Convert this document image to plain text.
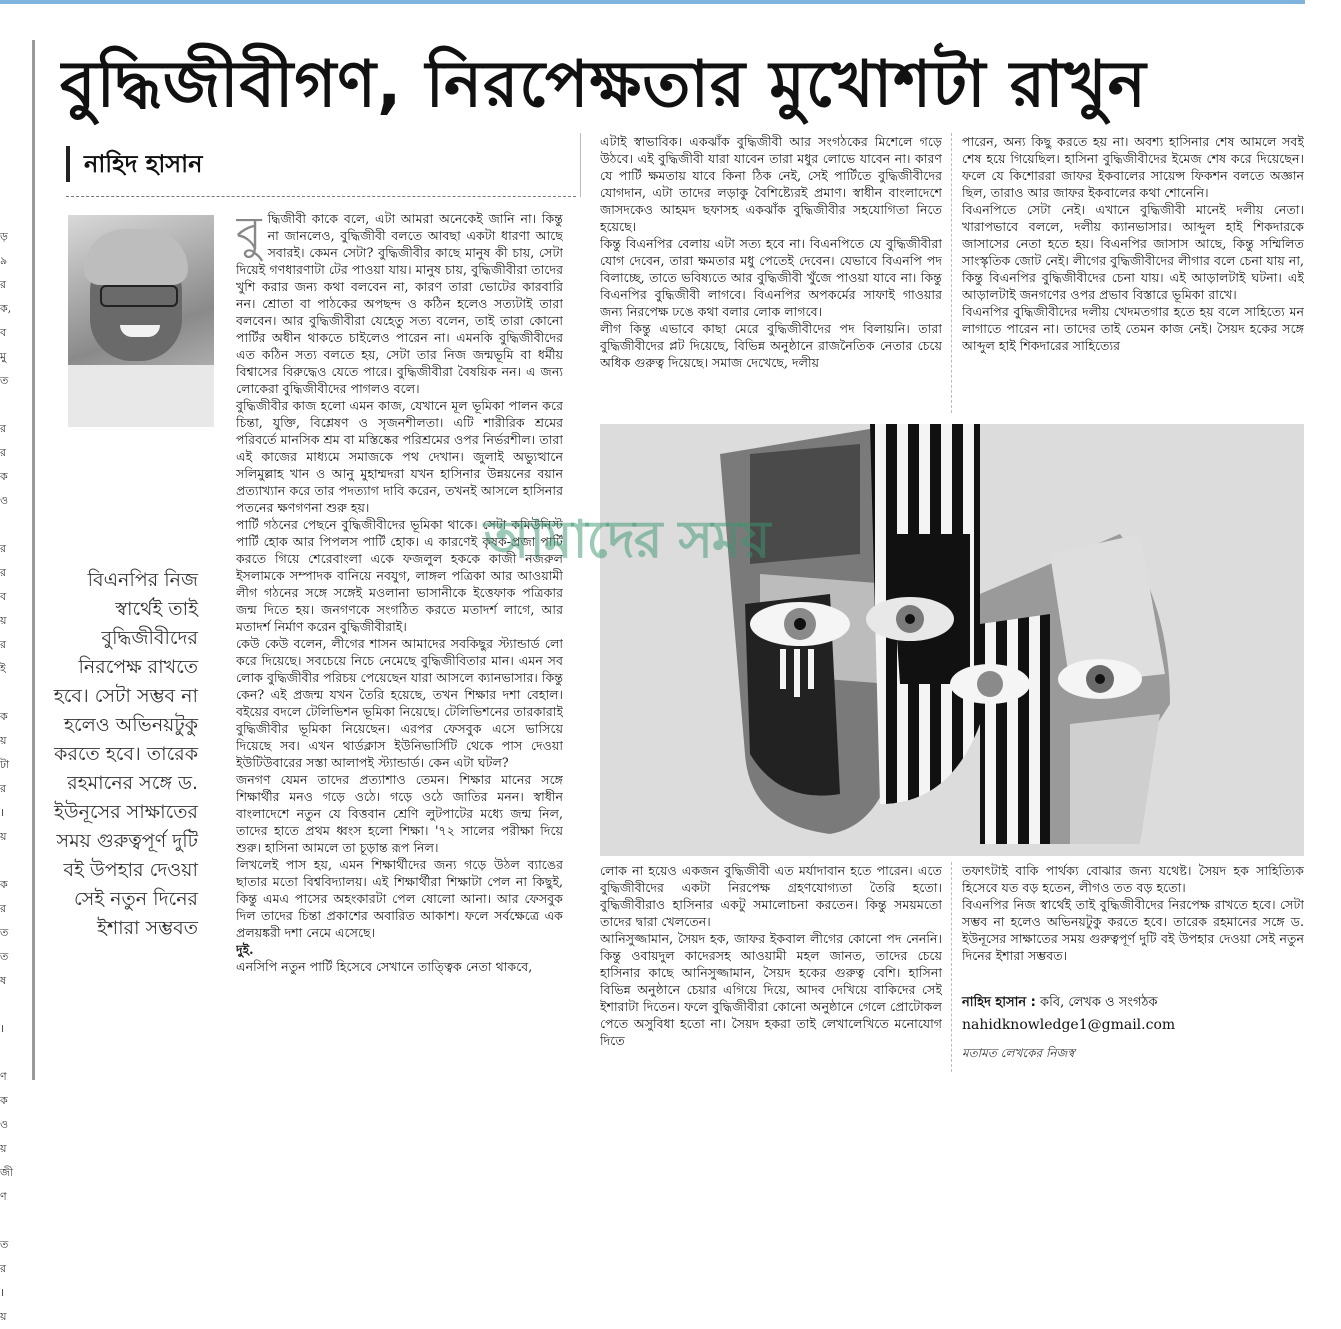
ড়
৯
র
ক,
ব
মু
ত
র
র
ক
ও
র
র
ব
য়
র
ই
ক
য়
টা
র
।
য়
ক
র
ত
ত
ষ
।
ণ
ক
ও
য়
জী
ণ
ত
র
।
য়
বুদ্ধিজীবীগণ, নিরপেক্ষতার মুখোশটা রাখুন
নাহিদ হাসান

বিএনপির নিজ স্বার্থেই তাই বুদ্ধিজীবীদের নিরপেক্ষ রাখতে হবে। সেটা সম্ভব না হলেও অভিনয়টুকু করতে হবে। তারেক রহমানের সঙ্গে ড. ইউনূসের সাক্ষাতের সময় গুরুত্বপূর্ণ দুটি বই উপহার দেওয়া সেই নতুন দিনের ইশারা সম্ভবত

বু দ্ধিজীবী কাকে বলে, এটা আমরা অনেকেই জানি না। কিন্তু না জানলেও, বুদ্ধিজীবী বলতে আবছা একটা ধারণা আছে সবারই। কেমন সেটা? বুদ্ধিজীবীর কাছে মানুষ কী চায়, সেটা দিয়েই গণধারণাটা টের পাওয়া যায়। মানুষ চায়, বুদ্ধিজীবীরা তাদের খুশি করার জন্য কথা বলবেন না, কারণ তারা ভোটের কারবারি নন। শ্রোতা বা পাঠকের অপছন্দ ও কঠিন হলেও সত্যটাই তারা বলবেন। আর বুদ্ধিজীবীরা যেহেতু সত্য বলেন, তাই তারা কোনো পার্টির অধীন থাকতে চাইলেও পারেন না। এমনকি বুদ্ধিজীবীদের এত কঠিন সত্য বলতে হয়, সেটা তার নিজ জন্মভূমি বা ধর্মীয় বিশ্বাসের বিরুদ্ধেও যেতে পারে। বুদ্ধিজীবীরা বৈষয়িক নন। এ জন্য লোকেরা বুদ্ধিজীবীদের পাগলও বলে।

বুদ্ধিজীবীর কাজ হলো এমন কাজ, যেখানে মূল ভূমিকা পালন করে চিন্তা, যুক্তি, বিশ্লেষণ ও সৃজনশীলতা। এটি শারীরিক শ্রমের পরিবর্তে মানসিক শ্রম বা মস্তিষ্কের পরিশ্রমের ওপর নির্ভরশীল। তারা এই কাজের মাধ্যমে সমাজকে পথ দেখান। জুলাই অভ্যুত্থানে সলিমুল্লাহ খান ও আনু মুহাম্মদরা যখন হাসিনার উন্নয়নের বয়ান প্রত্যাখ্যান করে তার পদত্যাগ দাবি করেন, তখনই আসলে হাসিনার পতনের ক্ষণগণনা শুরু হয়।

পার্টি গঠনের পেছনে বুদ্ধিজীবীদের ভূমিকা থাকে। সেটা কমিউনিস্ট পার্টি হোক আর পিপলস পার্টি হোক। এ কারণেই কৃষক-প্রজা পার্টি করতে গিয়ে শেরেবাংলা একে ফজলুল হককে কাজী নজরুল ইসলামকে সম্পাদক বানিয়ে নবযুগ, লাঙ্গল পত্রিকা আর আওয়ামী লীগ গঠনের সঙ্গে সঙ্গেই মওলানা ভাসানীকে ইত্তেফাক পত্রিকার জন্ম দিতে হয়। জনগণকে সংগঠিত করতে মতাদর্শ লাগে, আর মতাদর্শ নির্মাণ করেন বুদ্ধিজীবীরাই।

কেউ কেউ বলেন, লীগের শাসন আমাদের সবকিছুর স্ট্যান্ডার্ড লো করে দিয়েছে। সবচেয়ে নিচে নেমেছে বুদ্ধিজীবিতার মান। এমন সব লোক বুদ্ধিজীবীর পরিচয় পেয়েছেন যারা আসলে ক্যানভাসার। কিন্তু কেন? এই প্রজন্ম যখন তৈরি হয়েছে, তখন শিক্ষার দশা বেহাল। বইয়ের বদলে টেলিভিশন ভূমিকা নিয়েছে। টেলিভিশনের তারকারাই বুদ্ধিজীবীর ভূমিকা নিয়েছেন। এরপর ফেসবুক এসে ভাসিয়ে দিয়েছে সব। এখন থার্ডক্লাস ইউনিভার্সিটি থেকে পাস দেওয়া ইউটিউবারের সস্তা আলাপই স্ট্যান্ডার্ড। কেন এটা ঘটল?

জনগণ যেমন তাদের প্রত্যাশাও তেমন। শিক্ষার মানের সঙ্গে শিক্ষার্থীর মনও গড়ে ওঠে। গড়ে ওঠে জাতির মনন। স্বাধীন বাংলাদেশে নতুন যে বিত্তবান শ্রেণি লুটপাটের মধ্যে জন্ম নিল, তাদের হাতে প্রথম ধ্বংস হলো শিক্ষা। '৭২ সালের পরীক্ষা দিয়ে শুরু। হাসিনা আমলে তা চূড়ান্ত রূপ নিল।

লিখলেই পাস হয়, এমন শিক্ষার্থীদের জন্য গড়ে উঠল ব্যাঙের ছাতার মতো বিশ্ববিদ্যালয়। এই শিক্ষার্থীরা শিক্ষাটা পেল না কিছুই, কিন্তু এমএ পাসের অহংকারটা পেল ষোলো আনা। আর ফেসবুক দিল তাদের চিন্তা প্রকাশের অবারিত আকাশ। ফলে সর্বক্ষেত্রে এক প্রলয়ঙ্করী দশা নেমে এসেছে।

দুই.

এনসিপি নতুন পার্টি হিসেবে সেখানে তাত্ত্বিক নেতা থাকবে,

এটাই স্বাভাবিক। একঝাঁক বুদ্ধিজীবী আর সংগঠকের মিশেলে গড়ে উঠবে। এই বুদ্ধিজীবী যারা যাবেন তারা মধুর লোভে যাবেন না। কারণ যে পার্টি ক্ষমতায় যাবে কিনা ঠিক নেই, সেই পার্টিতে বুদ্ধিজীবীদের যোগদান, এটা তাদের লড়াকু বৈশিষ্ট্যেরই প্রমাণ। স্বাধীন বাংলাদেশে জাসদকেও আহমদ ছফাসহ একঝাঁক বুদ্ধিজীবীর সহযোগিতা নিতে হয়েছে।

কিন্তু বিএনপির বেলায় এটা সত্য হবে না। বিএনপিতে যে বুদ্ধিজীবীরা যোগ দেবেন, তারা ক্ষমতার মধু পেতেই দেবেন। যেভাবে বিএনপি পদ বিলাচ্ছে, তাতে ভবিষ্যতে আর বুদ্ধিজীবী খুঁজে পাওয়া যাবে না। কিন্তু বিএনপির বুদ্ধিজীবী লাগবে। বিএনপির অপকর্মের সাফাই গাওয়ার জন্য নিরপেক্ষ ঢঙে কথা বলার লোক লাগবে।

লীগ কিন্তু এভাবে কাছা মেরে বুদ্ধিজীবীদের পদ বিলায়নি। তারা বুদ্ধিজীবীদের প্লট দিয়েছে, বিভিন্ন অনুষ্ঠানে রাজনৈতিক নেতার চেয়ে অধিক গুরুত্ব দিয়েছে। সমাজ দেখেছে, দলীয়

পারেন, অন্য কিছু করতে হয় না। অবশ্য হাসিনার শেষ আমলে সবই শেষ হয়ে গিয়েছিল। হাসিনা বুদ্ধিজীবীদের ইমেজ শেষ করে দিয়েছেন। ফলে যে কিশোররা জাফর ইকবালের সায়েন্স ফিকশন বলতে অজ্ঞান ছিল, তারাও আর জাফর ইকবালের কথা শোনেনি।

বিএনপিতে সেটা নেই। এখানে বুদ্ধিজীবী মানেই দলীয় নেতা। খারাপভাবে বললে, দলীয় ক্যানভাসার। আব্দুল হাই শিকদারকে জাসাসের নেতা হতে হয়। বিএনপির জাসাস আছে, কিন্তু সম্মিলিত সাংস্কৃতিক জোট নেই। লীগের বুদ্ধিজীবীদের লীগার বলে চেনা যায় না, কিন্তু বিএনপির বুদ্ধিজীবীদের চেনা যায়। এই আড়ালটাই ঘটনা। এই আড়ালটাই জনগণের ওপর প্রভাব বিস্তারে ভূমিকা রাখে।

বিএনপির বুদ্ধিজীবীদের দলীয় খেদমতগার হতে হয় বলে সাহিত্যে মন লাগাতে পারেন না। তাদের তাই তেমন কাজ নেই। সৈয়দ হকের সঙ্গে আব্দুল হাই শিকদারের সাহিত্যের

আমাদের সময়

লোক না হয়েও একজন বুদ্ধিজীবী এত মর্যাদাবান হতে পারেন। এতে বুদ্ধিজীবীদের একটা নিরপেক্ষ গ্রহণযোগ্যতা তৈরি হতো। বুদ্ধিজীবীরাও হাসিনার একটু সমালোচনা করতেন। কিন্তু সময়মতো তাদের দ্বারা খেলতেন।

আনিসুজ্জামান, সৈয়দ হক, জাফর ইকবাল লীগের কোনো পদ নেননি। কিন্তু ওবায়দুল কাদেরসহ আওয়ামী মহল জানত, তাদের চেয়ে হাসিনার কাছে আনিসুজ্জামান, সৈয়দ হকের গুরুত্ব বেশি। হাসিনা বিভিন্ন অনুষ্ঠানে চেয়ার এগিয়ে দিয়ে, আদব দেখিয়ে বাকিদের সেই ইশারাটা দিতেন। ফলে বুদ্ধিজীবীরা কোনো অনুষ্ঠানে গেলে প্রোটোকল পেতে অসুবিধা হতো না। সৈয়দ হকরা তাই লেখালেখিতে মনোযোগ দিতে

তফাৎটাই বাকি পার্থক্য বোঝার জন্য যথেষ্ট। সৈয়দ হক সাহিত্যিক হিসেবে যত বড় হতেন, লীগও তত বড় হতো।

বিএনপির নিজ স্বার্থেই তাই বুদ্ধিজীবীদের নিরপেক্ষ রাখতে হবে। সেটা সম্ভব না হলেও অভিনয়টুকু করতে হবে। তারেক রহমানের সঙ্গে ড. ইউনূসের সাক্ষাতের সময় গুরুত্বপূর্ণ দুটি বই উপহার দেওয়া সেই নতুন দিনের ইশারা সম্ভবত।

নাহিদ হাসান : কবি, লেখক ও সংগঠক
nahidknowledge1@gmail.com
মতামত লেখকের নিজস্ব
